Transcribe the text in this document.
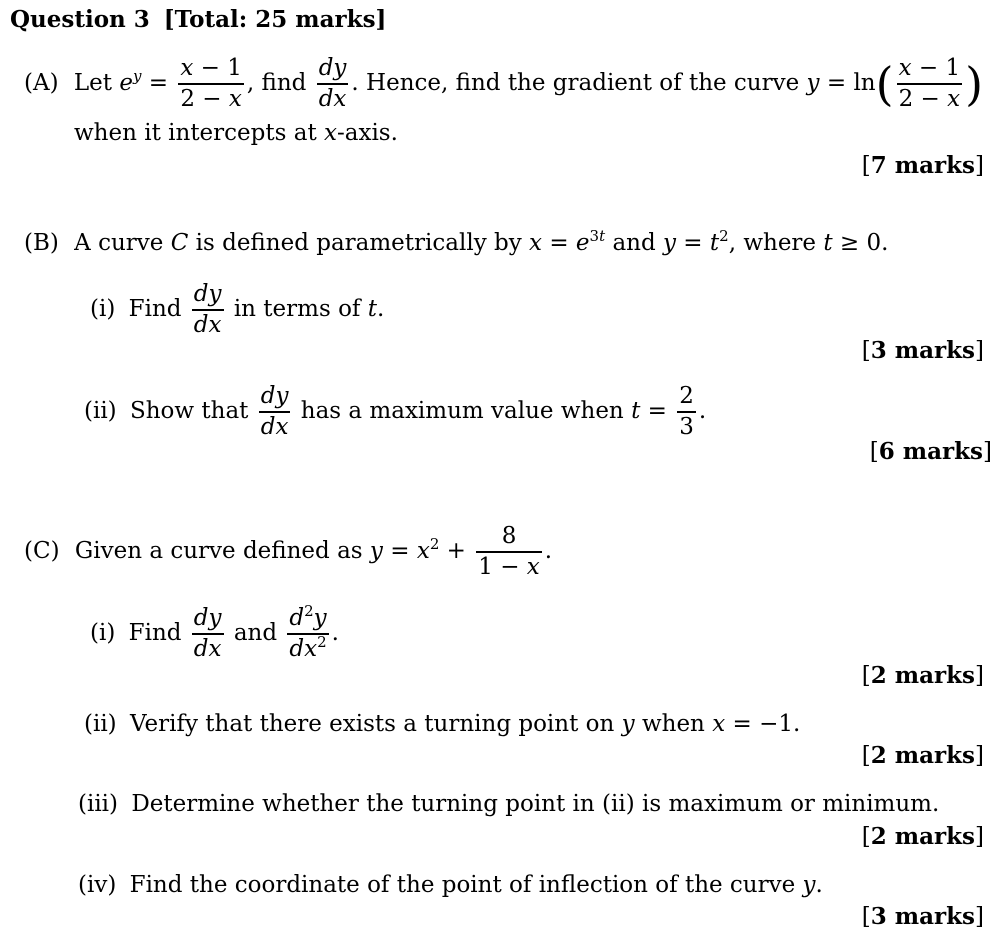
Question 3 [Total: 25 marks]
(A) Let $e^y = \frac{x - 1}{2 - x}$ , find $\frac{dy}{dx}$ . Hence, find the gradient of the curve $y = \ln( \frac{x - 1}{2 - x}$ )
when it intercepts at x-axis.
[7 marks]
(B) A curve C is defined parametrically by $x = e^{3t}$ and $y = t^2$, where t ≥ 0.
(i) Find $\frac{dy}{dx}$ in terms of t.
[3 marks]
(ii) Show that $\frac{dy}{dx}$ has a maximum value when $t = \frac{2}{3}$ .
[6 marks]
(C) Given a curve defined as $y = x^2 + \frac{8}{1 - x}$ .
(i) Find $\frac{dy}{dx}$ and $\frac{d^2y}{dx^2}$ .
[2 marks]
(ii) Verify that there exists a turning point on y when x = −1.
[2 marks]
(iii) Determine whether the turning point in (ii) is maximum or minimum.
[2 marks]
(iv) Find the coordinate of the point of inflection of the curve y.
[3 marks]
